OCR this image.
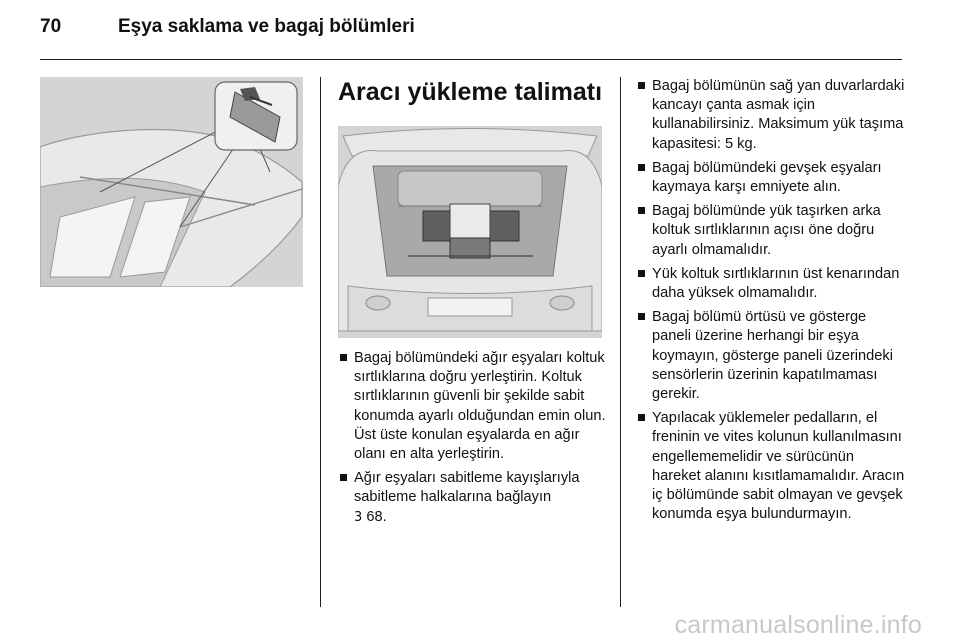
70	Eşya saklama ve bagaj bölümleri
Aracı yükleme talimatı
Bagaj bölümündeki ağır eşyaları koltuk sırtlıklarına doğru yerleştirin. Koltuk sırtlıklarının güvenli bir şekilde sabit konumda ayarlı olduğundan emin olun. Üst üste konulan eşyalarda en ağır olanı en alta yerleştirin.
Ağır eşyaları sabitleme kayışlarıyla sabitleme halkalarına bağlayın
3 68.
Bagaj bölümünün sağ yan duvarlardaki kancayı çanta asmak için kullanabilirsiniz. Maksimum yük taşıma kapasitesi: 5 kg.
Bagaj bölümündeki gevşek eşyaları kaymaya karşı emniyete alın.
Bagaj bölümünde yük taşırken arka koltuk sırtlıklarının açısı öne doğru ayarlı olmamalıdır.
Yük koltuk sırtlıklarının üst kenarından daha yüksek olmamalıdır.
Bagaj bölümü örtüsü ve gösterge paneli üzerine herhangi bir eşya koymayın, gösterge paneli üzerindeki sensörlerin üzerinin kapatılmaması gerekir.
Yapılacak yüklemeler pedalların, el freninin ve vites kolunun kullanılmasını engellememelidir ve sürücünün hareket alanını kısıtlamamalıdır. Aracın iç bölümünde sabit olmayan ve gevşek konumda eşya bulundurmayın.
carmanualsonline.info
